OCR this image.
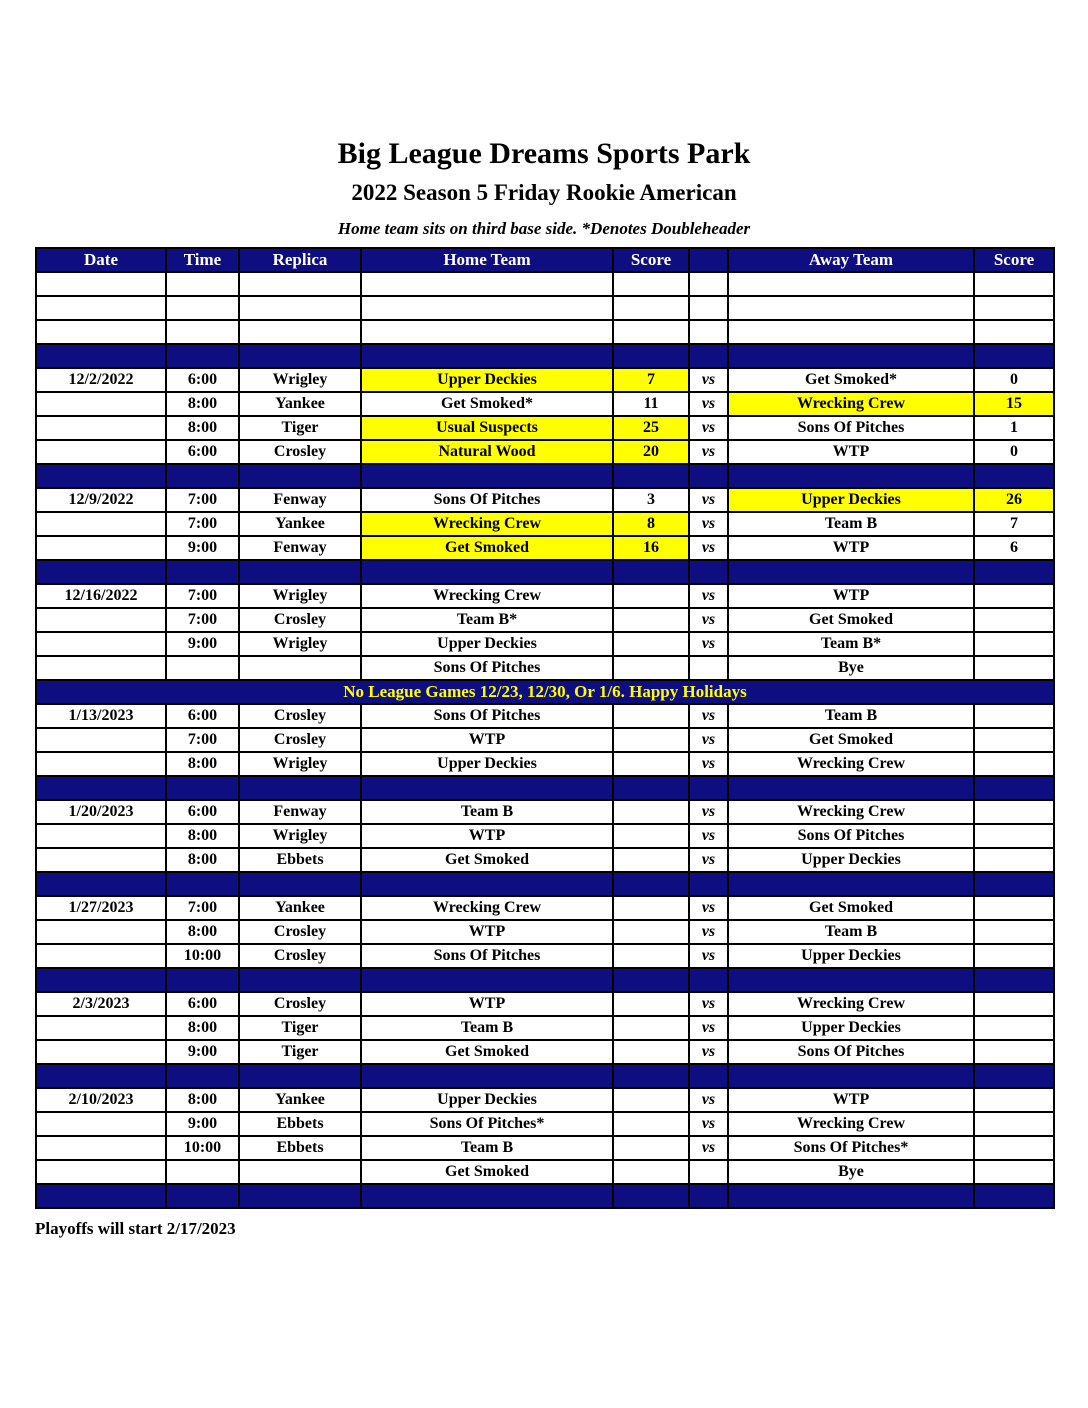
Big League Dreams Sports Park
2022 Season 5 Friday Rookie American
Home team sits on third base side. *Denotes Doubleheader
Date	Time	Replica	Home Team	Score		Away Team	Score

12/2/2022	6:00	Wrigley	Upper Deckies	7	vs	Get Smoked*	0
	8:00	Yankee	Get Smoked*	11	vs	Wrecking Crew	15
	8:00	Tiger	Usual Suspects	25	vs	Sons Of Pitches	1
	6:00	Crosley	Natural Wood	20	vs	WTP	0

12/9/2022	7:00	Fenway	Sons Of Pitches	3	vs	Upper Deckies	26
	7:00	Yankee	Wrecking Crew	8	vs	Team B	7
	9:00	Fenway	Get Smoked	16	vs	WTP	6

12/16/2022	7:00	Wrigley	Wrecking Crew		vs	WTP	
	7:00	Crosley	Team B*		vs	Get Smoked	
	9:00	Wrigley	Upper Deckies		vs	Team B*	
			Sons Of Pitches			Bye	
No League Games 12/23, 12/30, Or 1/6. Happy Holidays							
1/13/2023	6:00	Crosley	Sons Of Pitches		vs	Team B	
	7:00	Crosley	WTP		vs	Get Smoked	
	8:00	Wrigley	Upper Deckies		vs	Wrecking Crew	

1/20/2023	6:00	Fenway	Team B		vs	Wrecking Crew	
	8:00	Wrigley	WTP		vs	Sons Of Pitches	
	8:00	Ebbets	Get Smoked		vs	Upper Deckies	

1/27/2023	7:00	Yankee	Wrecking Crew		vs	Get Smoked	
	8:00	Crosley	WTP		vs	Team B	
	10:00	Crosley	Sons Of Pitches		vs	Upper Deckies	

2/3/2023	6:00	Crosley	WTP		vs	Wrecking Crew	
	8:00	Tiger	Team B		vs	Upper Deckies	
	9:00	Tiger	Get Smoked		vs	Sons Of Pitches	

2/10/2023	8:00	Yankee	Upper Deckies		vs	WTP	
	9:00	Ebbets	Sons Of Pitches*		vs	Wrecking Crew	
	10:00	Ebbets	Team B		vs	Sons Of Pitches*	
			Get Smoked			Bye	

Playoffs will start 2/17/2023
